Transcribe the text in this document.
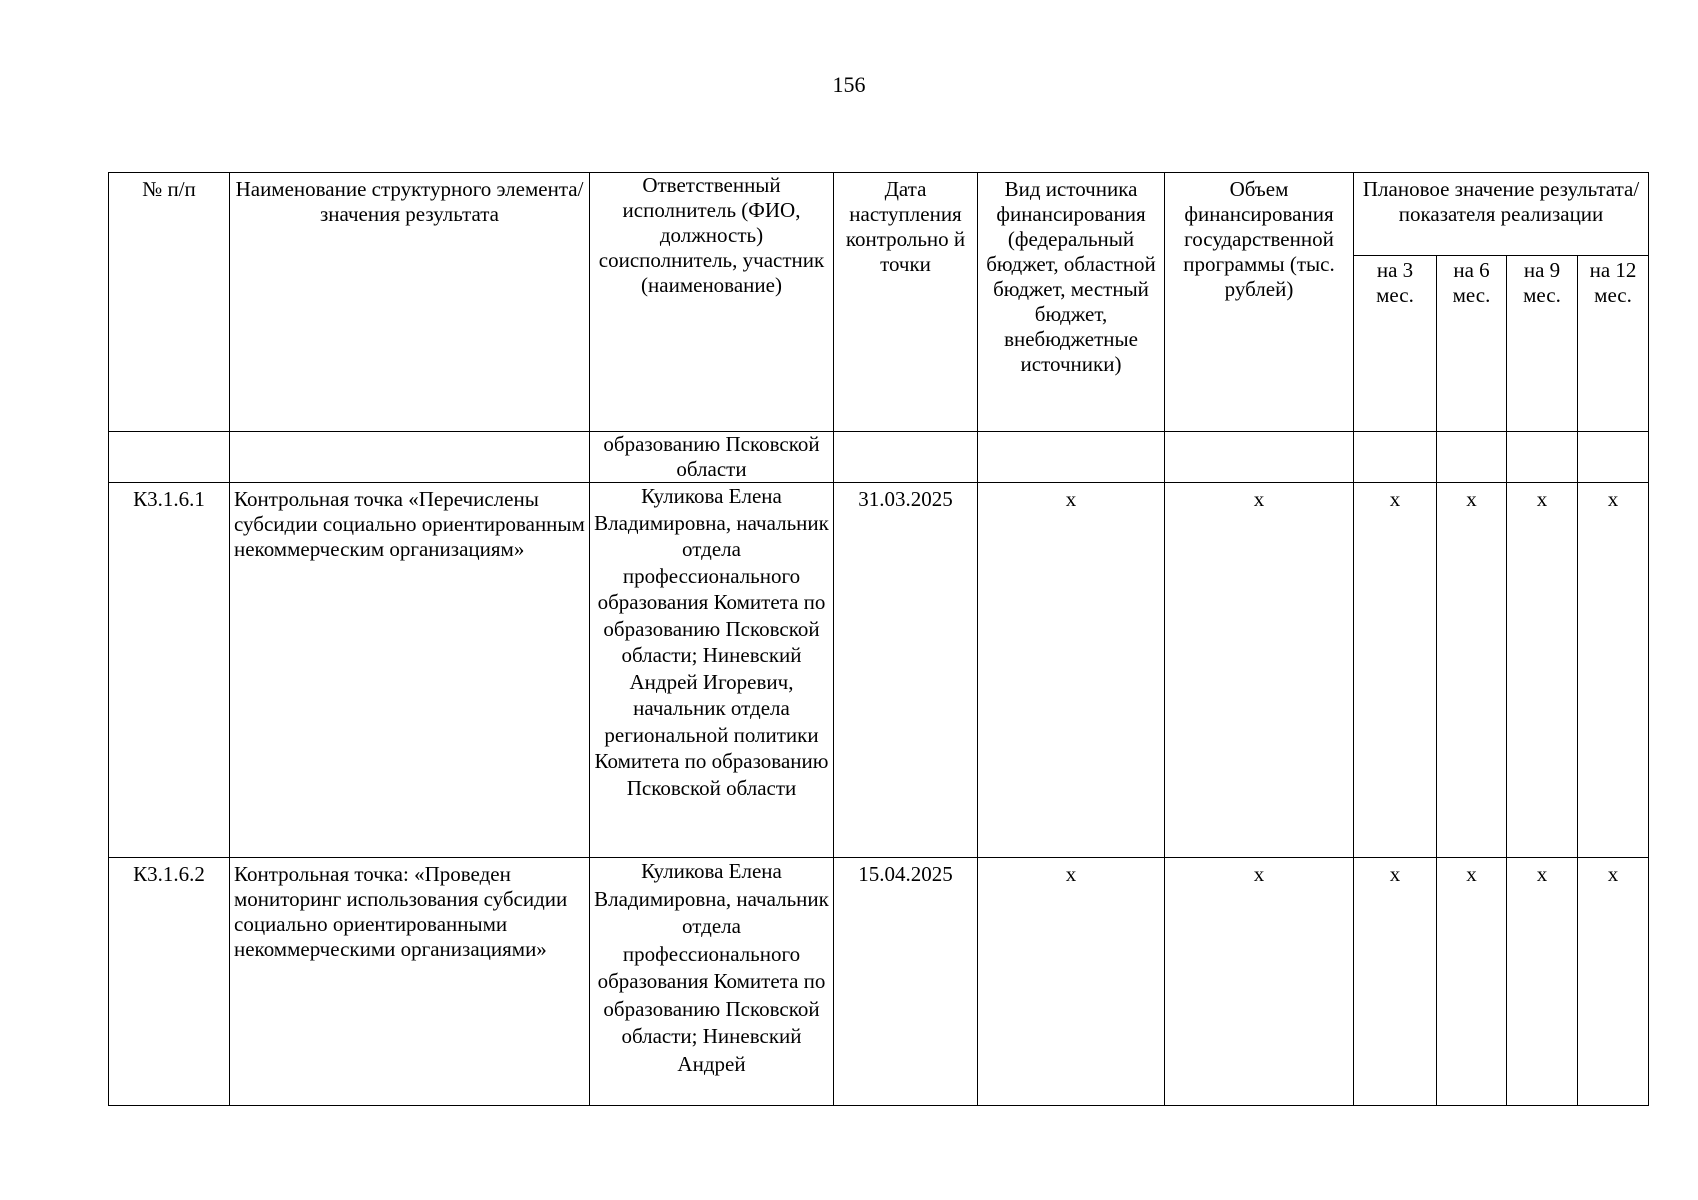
156
№ п/п	Наименование структурного элемента/ значения результата	Ответственный исполнитель (ФИО, должность) соисполнитель, участник (наименование)	Дата наступления контрольно й точки	Вид источника финансирования (федеральный бюджет, областной бюджет, местный бюджет, внебюджетные источники)	Объем финансирования государственной программы (тыс. рублей)	Плановое значение результата/показателя реализации			
						на 3 мес.	на 6 мес.	на 9 мес.	на 12 мес.
		образованию Псковской области							
К3.1.6.1	Контрольная точка «Перечислены субсидии социально ориентированным некоммерческим организациям»	Куликова Елена Владимировна, начальник отдела профессионального образования Комитета по образованию Псковской области; Ниневский Андрей Игоревич, начальник отдела региональной политики Комитета по образованию Псковской области	31.03.2025	х	х	х	х	х	х
К3.1.6.2	Контрольная точка: «Проведен мониторинг использования субсидии социально ориентированными некоммерческими организациями»	Куликова Елена Владимировна, начальник отдела профессионального образования Комитета по образованию Псковской области; Ниневский Андрей	15.04.2025	х	х	х	х	х	х
